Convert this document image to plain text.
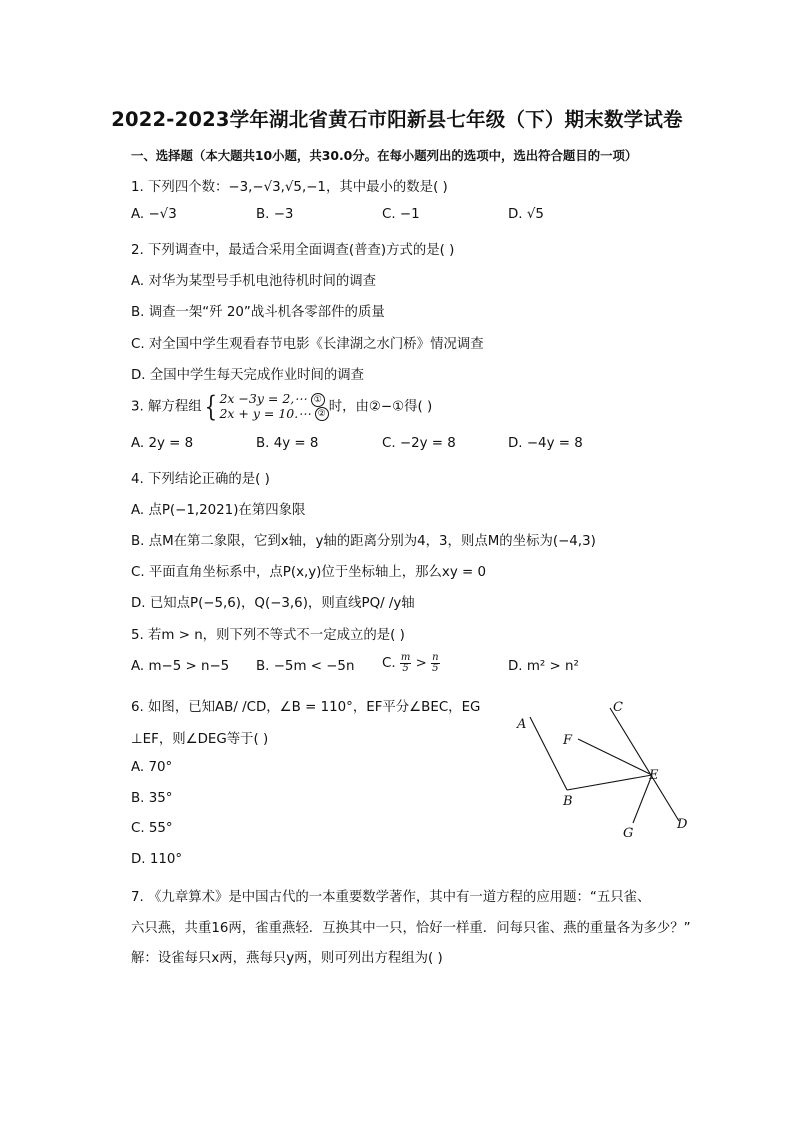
2022-2023学年湖北省黄石市阳新县七年级（下）期末数学试卷
一、选择题（本大题共10小题，共30.0分。在每小题列出的选项中，选出符合题目的一项）
1. 下列四个数：−3,−√3,√5,−1，其中最小的数是( )
A. −√3	B. −3	C. −1	D. √5
2. 下列调查中，最适合采用全面调查(普查)方式的是( )
A. 对华为某型号手机电池待机时间的调查
B. 调查一架“歼 20”战斗机各零部件的质量
C. 对全国中学生观看春节电影《长津湖之水门桥》情况调查
D. 全国中学生每天完成作业时间的调查
3. 解方程组{ 2x −3y = 2,⋯ ①
2x + y = 10.⋯ ② 时，由②−①得( )
A. 2y = 8	B. 4y = 8	C. −2y = 8	D. −4y = 8
4. 下列结论正确的是( )
A. 点P(−1,2021)在第四象限
B. 点M在第二象限，它到x轴，y轴的距离分别为4，3，则点M的坐标为(−4,3)
C. 平面直角坐标系中，点P(x,y)位于坐标轴上，那么xy = 0
D. 已知点P(−5,6)，Q(−3,6)，则直线PQ/ /y轴
5. 若m > n，则下列不等式不一定成立的是( )
A. m−5 > n−5 B. −5m < −5n C. $\frac{m}{5} > \frac{n}{5}$	D. m² > n²
6. 如图，已知AB/ /CD，∠B = 110°，EF平分∠BEC，EG
⊥EF，则∠DEG等于( )
A. 70°
B. 35°
C. 55°
D. 110°
A
B
C
D
E
F
G
7. 《九章算术》是中国古代的一本重要数学著作，其中有一道方程的应用题：“五只雀、
六只燕，共重16两，雀重燕轻．互换其中一只，恰好一样重．问每只雀、燕的重量各为多少？”
解：设雀每只x两，燕每只y两，则可列出方程组为( )
